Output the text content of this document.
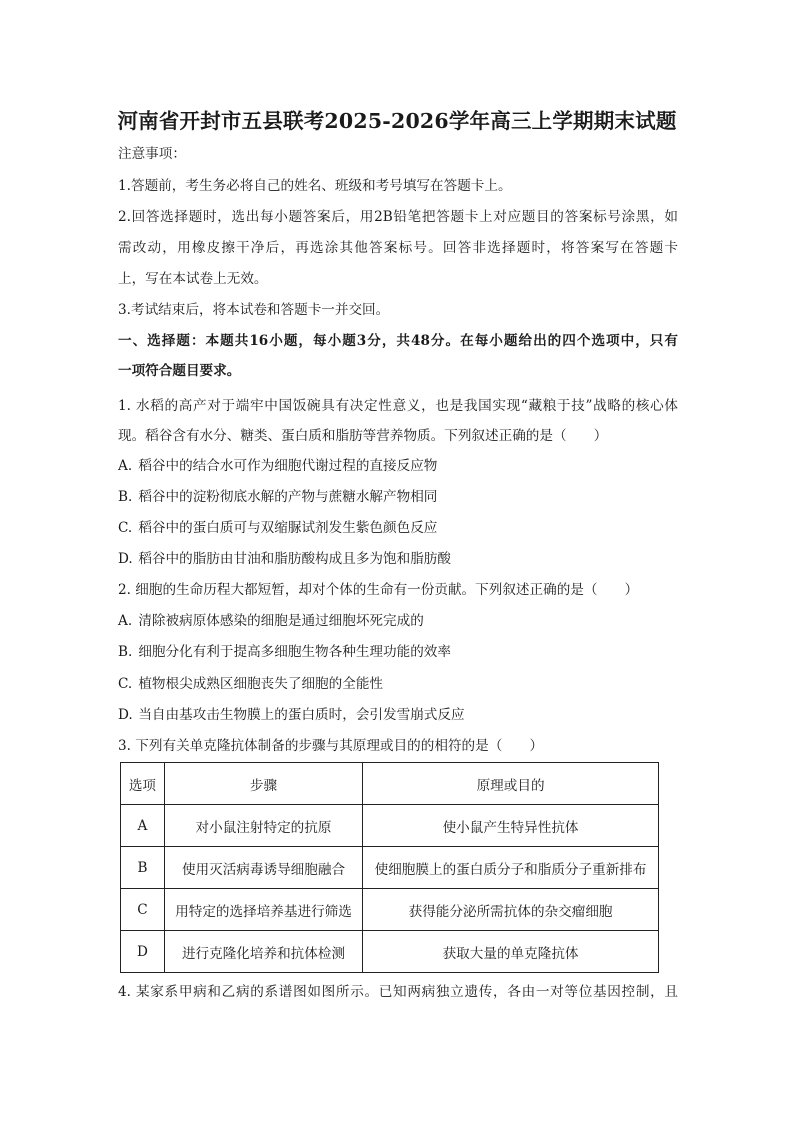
河南省开封市五县联考2025-2026学年高三上学期期末试题
注意事项：
1.答题前，考生务必将自己的姓名、班级和考号填写在答题卡上。
2.回答选择题时，选出每小题答案后，用2B铅笔把答题卡上对应题目的答案标号涂黑，如
需改动，用橡皮擦干净后，再选涂其他答案标号。回答非选择题时，将答案写在答题卡
上，写在本试卷上无效。
3.考试结束后，将本试卷和答题卡一并交回。
一、选择题：本题共16小题，每小题3分，共48分。在每小题给出的四个选项中，只有
一项符合题目要求。
1. 水稻的高产对于端牢中国饭碗具有决定性意义，也是我国实现“藏粮于技”战略的核心体
现。稻谷含有水分、糖类、蛋白质和脂肪等营养物质。下列叙述正确的是（　　）
A. 稻谷中的结合水可作为细胞代谢过程的直接反应物
B. 稻谷中的淀粉彻底水解的产物与蔗糖水解产物相同
C. 稻谷中的蛋白质可与双缩脲试剂发生紫色颜色反应
D. 稻谷中的脂肪由甘油和脂肪酸构成且多为饱和脂肪酸
2. 细胞的生命历程大都短暂，却对个体的生命有一份贡献。下列叙述正确的是（　　）
A. 清除被病原体感染的细胞是通过细胞坏死完成的
B. 细胞分化有利于提高多细胞生物各种生理功能的效率
C. 植物根尖成熟区细胞丧失了细胞的全能性
D. 当自由基攻击生物膜上的蛋白质时，会引发雪崩式反应
3. 下列有关单克隆抗体制备的步骤与其原理或目的的相符的是（　　）
选项	步骤	原理或目的
A	对小鼠注射特定的抗原	使小鼠产生特异性抗体
B	使用灭活病毒诱导细胞融合	使细胞膜上的蛋白质分子和脂质分子重新排布
C	用特定的选择培养基进行筛选	获得能分泌所需抗体的杂交瘤细胞
D	进行克隆化培养和抗体检测	获取大量的单克隆抗体
4. 某家系甲病和乙病的系谱图如图所示。已知两病独立遗传，各由一对等位基因控制，且
